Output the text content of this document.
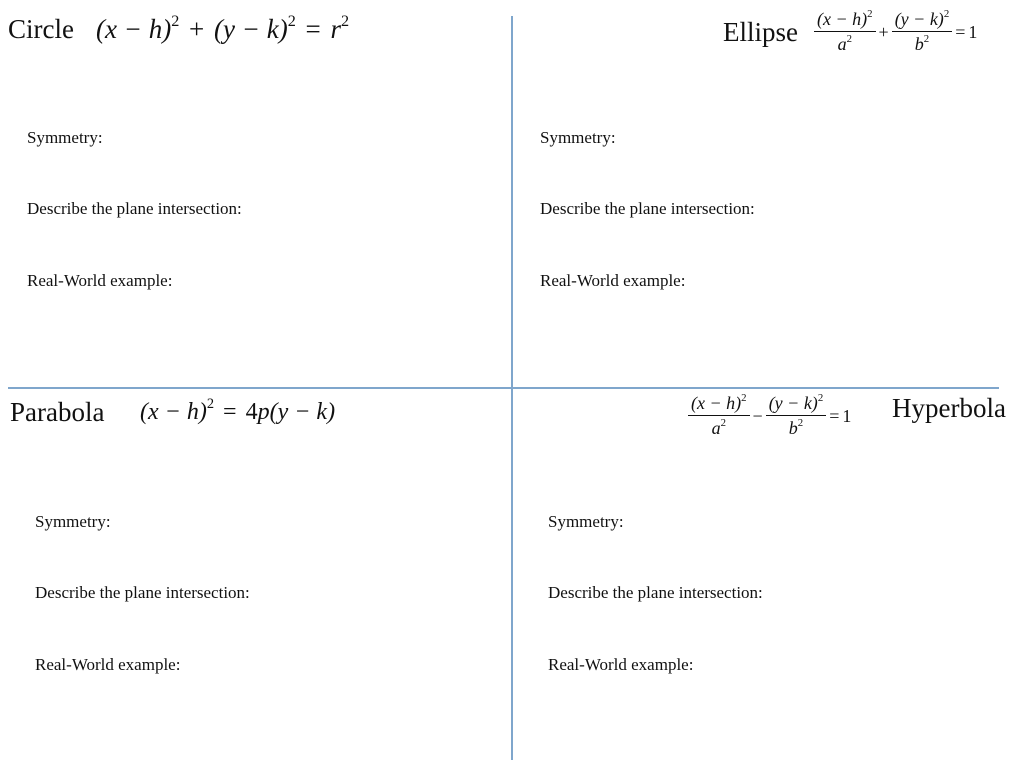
Circle $(x - h)^2 + (y - k)^2 = r^2$
Symmetry:
Describe the plane intersection:
Real-World example:
Ellipse $\frac{(x - h)^2}{a^2} + \frac{(y - k)^2}{b^2} = 1$
Symmetry:
Describe the plane intersection:
Real-World example:
Parabola $(x - h)^2 = 4p(y - k)$
Symmetry:
Describe the plane intersection:
Real-World example:
$\frac{(x - h)^2}{a^2} - \frac{(y - k)^2}{b^2} = 1$ Hyperbola
Symmetry:
Describe the plane intersection:
Real-World example:
